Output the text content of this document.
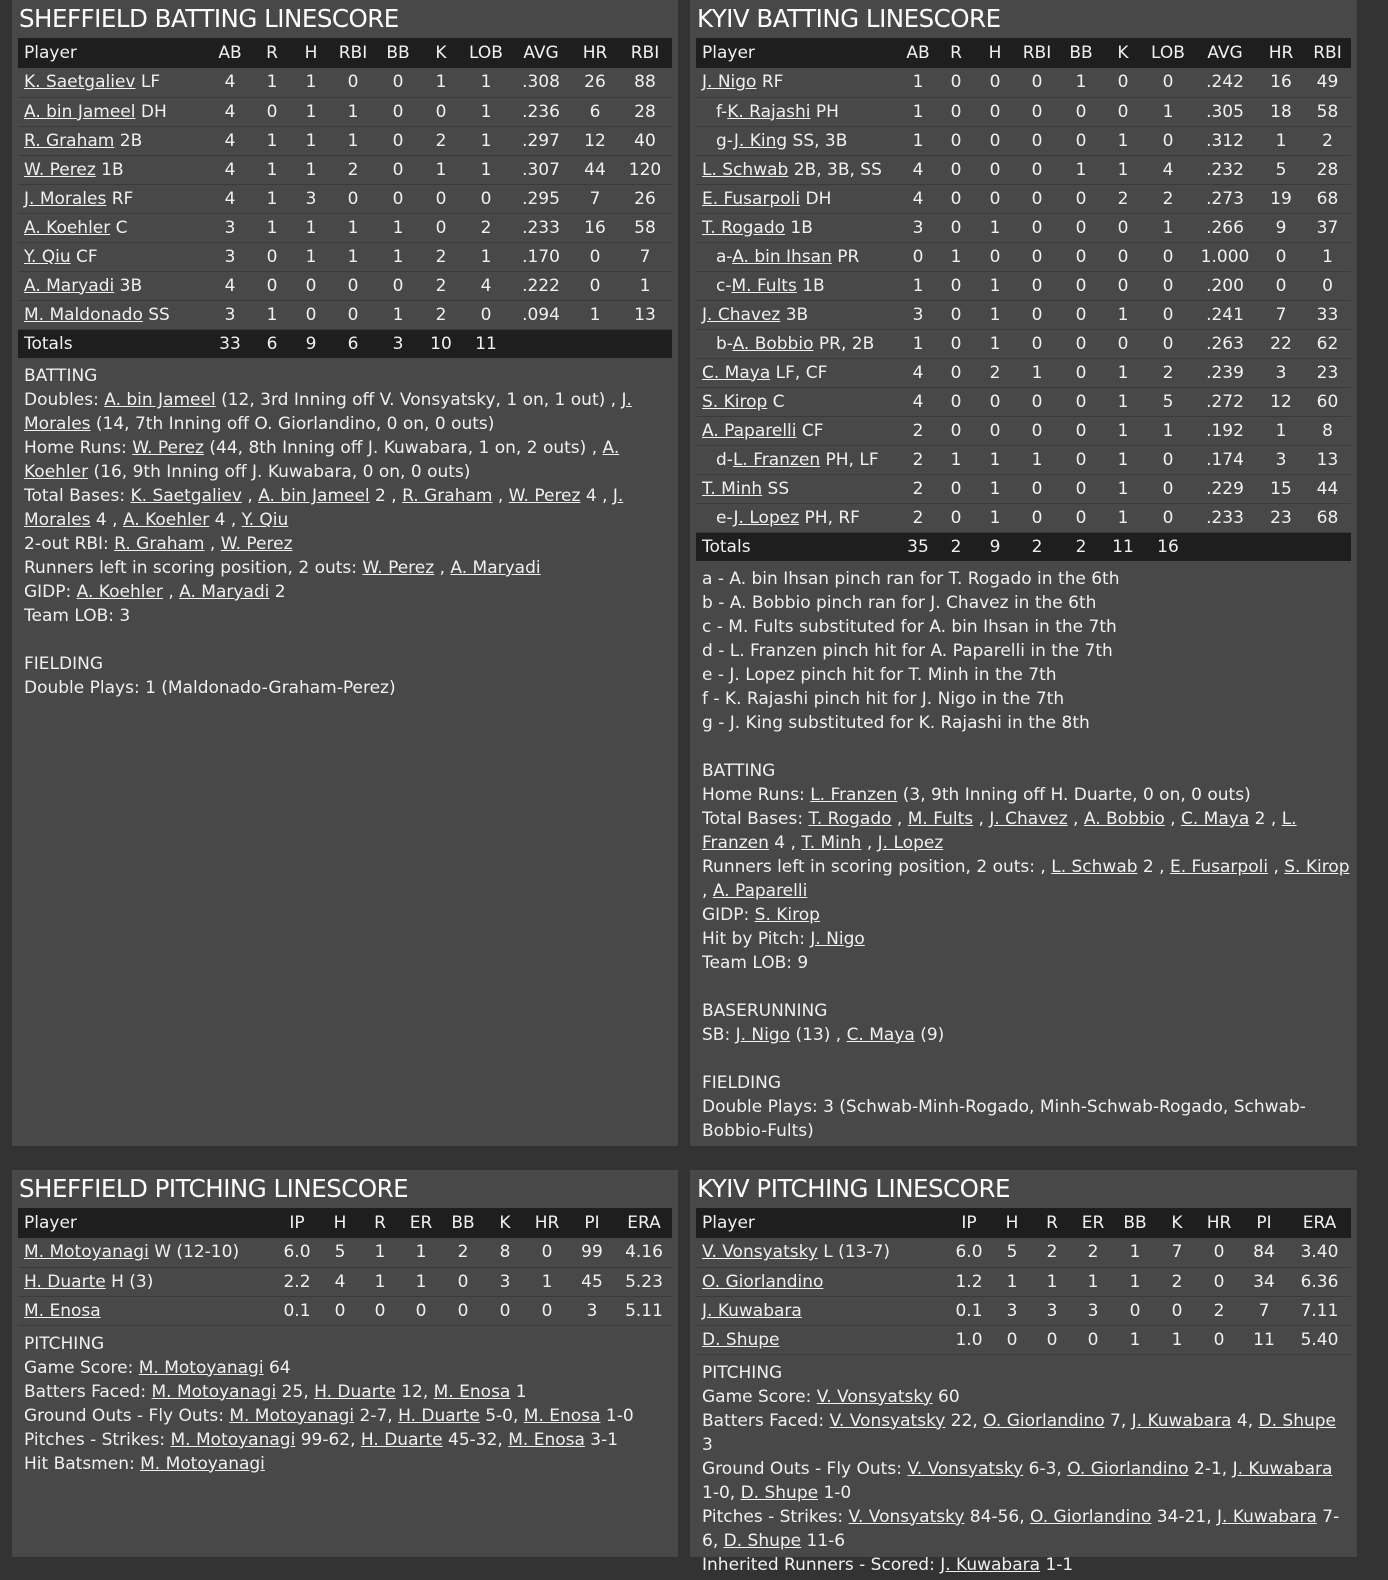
SHEFFIELD BATTING LINESCORE
Player	AB	R	H	RBI	BB	K	LOB	AVG	HR	RBI
K. Saetgaliev LF	4	1	1	0	0	1	1	.308	26	88
A. bin Jameel DH	4	0	1	1	0	0	1	.236	6	28
R. Graham 2B	4	1	1	1	0	2	1	.297	12	40
W. Perez 1B	4	1	1	2	0	1	1	.307	44	120
J. Morales RF	4	1	3	0	0	0	0	.295	7	26
A. Koehler C	3	1	1	1	1	0	2	.233	16	58
Y. Qiu CF	3	0	1	1	1	2	1	.170	0	7
A. Maryadi 3B	4	0	0	0	0	2	4	.222	0	1
M. Maldonado SS	3	1	0	0	1	2	0	.094	1	13
Totals	33	6	9	6	3	10	11			
BATTING
Doubles: A. bin Jameel (12, 3rd Inning off V. Vonsyatsky, 1 on, 1 out) , J. Morales (14, 7th Inning off O. Giorlandino, 0 on, 0 outs)
Home Runs: W. Perez (44, 8th Inning off J. Kuwabara, 1 on, 2 outs) , A. Koehler (16, 9th Inning off J. Kuwabara, 0 on, 0 outs)
Total Bases: K. Saetgaliev , A. bin Jameel 2 , R. Graham , W. Perez 4 , J. Morales 4 , A. Koehler 4 , Y. Qiu
2-out RBI: R. Graham , W. Perez
Runners left in scoring position, 2 outs: W. Perez , A. Maryadi
GIDP: A. Koehler , A. Maryadi 2
Team LOB: 3
FIELDING
Double Plays: 1 (Maldonado-Graham-Perez)
KYIV BATTING LINESCORE
Player	AB	R	H	RBI	BB	K	LOB	AVG	HR	RBI
J. Nigo RF	1	0	0	0	1	0	0	.242	16	49
f-K. Rajashi PH	1	0	0	0	0	0	1	.305	18	58
g-J. King SS, 3B	1	0	0	0	0	1	0	.312	1	2
L. Schwab 2B, 3B, SS	4	0	0	0	1	1	4	.232	5	28
E. Fusarpoli DH	4	0	0	0	0	2	2	.273	19	68
T. Rogado 1B	3	0	1	0	0	0	1	.266	9	37
a-A. bin Ihsan PR	0	1	0	0	0	0	0	1.000	0	1
c-M. Fults 1B	1	0	1	0	0	0	0	.200	0	0
J. Chavez 3B	3	0	1	0	0	1	0	.241	7	33
b-A. Bobbio PR, 2B	1	0	1	0	0	0	0	.263	22	62
C. Maya LF, CF	4	0	2	1	0	1	2	.239	3	23
S. Kirop C	4	0	0	0	0	1	5	.272	12	60
A. Paparelli CF	2	0	0	0	0	1	1	.192	1	8
d-L. Franzen PH, LF	2	1	1	1	0	1	0	.174	3	13
T. Minh SS	2	0	1	0	0	1	0	.229	15	44
e-J. Lopez PH, RF	2	0	1	0	0	1	0	.233	23	68
Totals	35	2	9	2	2	11	16			
a - A. bin Ihsan pinch ran for T. Rogado in the 6th
b - A. Bobbio pinch ran for J. Chavez in the 6th
c - M. Fults substituted for A. bin Ihsan in the 7th
d - L. Franzen pinch hit for A. Paparelli in the 7th
e - J. Lopez pinch hit for T. Minh in the 7th
f - K. Rajashi pinch hit for J. Nigo in the 7th
g - J. King substituted for K. Rajashi in the 8th
BATTING
Home Runs: L. Franzen (3, 9th Inning off H. Duarte, 0 on, 0 outs)
Total Bases: T. Rogado , M. Fults , J. Chavez , A. Bobbio , C. Maya 2 , L. Franzen 4 , T. Minh , J. Lopez
Runners left in scoring position, 2 outs: , L. Schwab 2 , E. Fusarpoli , S. Kirop , A. Paparelli
GIDP: S. Kirop
Hit by Pitch: J. Nigo
Team LOB: 9
BASERUNNING
SB: J. Nigo (13) , C. Maya (9)
FIELDING
Double Plays: 3 (Schwab-Minh-Rogado, Minh-Schwab-Rogado, Schwab-Bobbio-Fults)
SHEFFIELD PITCHING LINESCORE
Player	IP	H	R	ER	BB	K	HR	PI	ERA
M. Motoyanagi W (12-10)	6.0	5	1	1	2	8	0	99	4.16
H. Duarte H (3)	2.2	4	1	1	0	3	1	45	5.23
M. Enosa	0.1	0	0	0	0	0	0	3	5.11
PITCHING
Game Score: M. Motoyanagi 64
Batters Faced: M. Motoyanagi 25, H. Duarte 12, M. Enosa 1
Ground Outs - Fly Outs: M. Motoyanagi 2-7, H. Duarte 5-0, M. Enosa 1-0
Pitches - Strikes: M. Motoyanagi 99-62, H. Duarte 45-32, M. Enosa 3-1
Hit Batsmen: M. Motoyanagi
KYIV PITCHING LINESCORE
Player	IP	H	R	ER	BB	K	HR	PI	ERA
V. Vonsyatsky L (13-7)	6.0	5	2	2	1	7	0	84	3.40
O. Giorlandino	1.2	1	1	1	1	2	0	34	6.36
J. Kuwabara	0.1	3	3	3	0	0	2	7	7.11
D. Shupe	1.0	0	0	0	1	1	0	11	5.40
PITCHING
Game Score: V. Vonsyatsky 60
Batters Faced: V. Vonsyatsky 22, O. Giorlandino 7, J. Kuwabara 4, D. Shupe 3
Ground Outs - Fly Outs: V. Vonsyatsky 6-3, O. Giorlandino 2-1, J. Kuwabara 1-0, D. Shupe 1-0
Pitches - Strikes: V. Vonsyatsky 84-56, O. Giorlandino 34-21, J. Kuwabara 7-6, D. Shupe 11-6
Inherited Runners - Scored: J. Kuwabara 1-1
